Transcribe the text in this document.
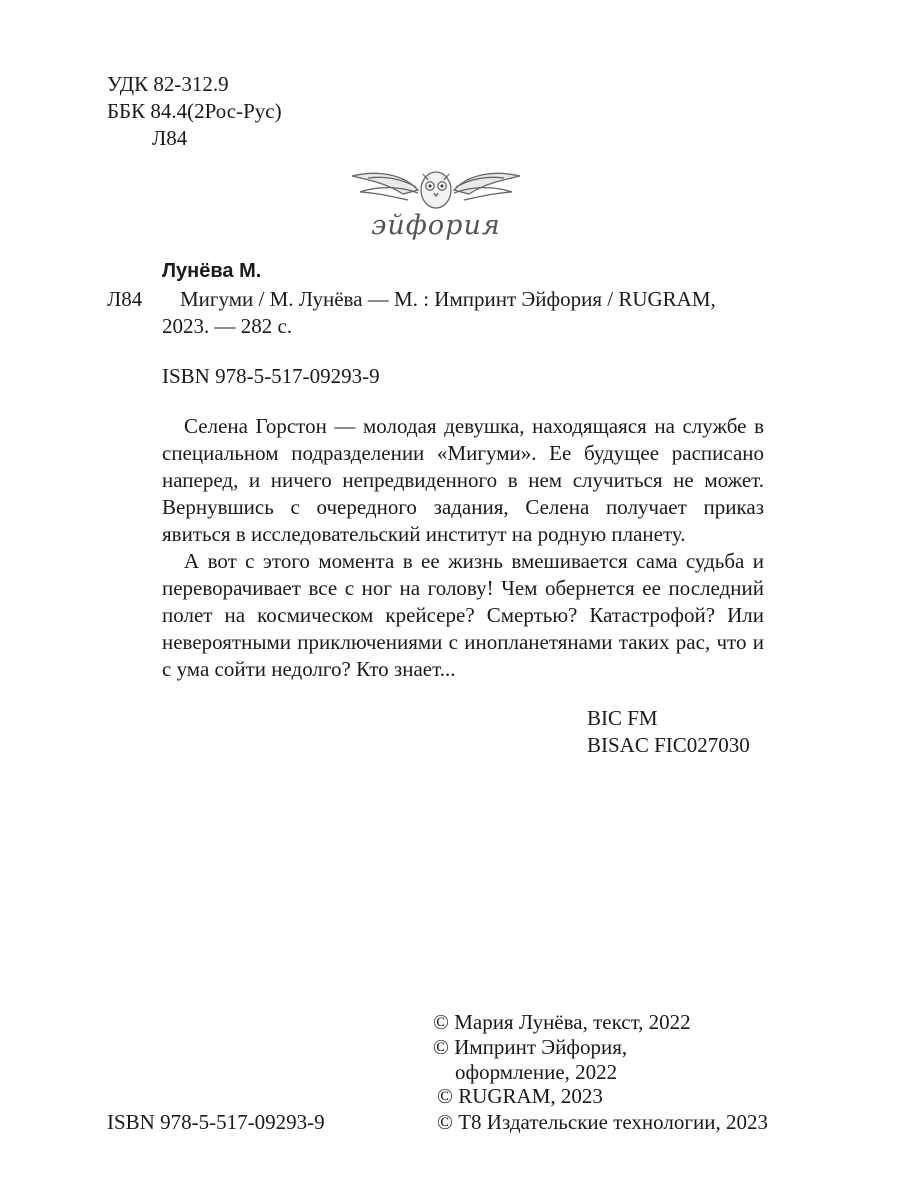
УДК 82-312.9
ББК 84.4(2Рос-Рус)
Л84
эйфория
Лунёва М.
Л84 Мигуми / М. Лунёва — М. : Импринт Эйфория / RUGRAM,
2023. — 282 с.
ISBN 978-5-517-09293-9

Селена Горстон — молодая девушка, находящаяся на службе в специальном подразделении «Мигуми». Ее будущее расписано наперед, и ничего непредвиденного в нем случиться не может. Вернувшись с очередного задания, Селена получает приказ явиться в исследовательский институт на родную планету.

А вот с этого момента в ее жизнь вмешивается сама судьба и переворачивает все с ног на голову! Чем обернется ее последний полет на космическом крейсере? Смертью? Катастрофой? Или невероятными приключениями с инопланетянами таких рас, что и с ума сойти недолго? Кто знает...

BIC FM
BISAC FIC027030
© Мария Лунёва, текст, 2022
© Импринт Эйфория,
оформление, 2022
© RUGRAM, 2023
ISBN 978-5-517-09293-9	© Т8 Издательские технологии, 2023
